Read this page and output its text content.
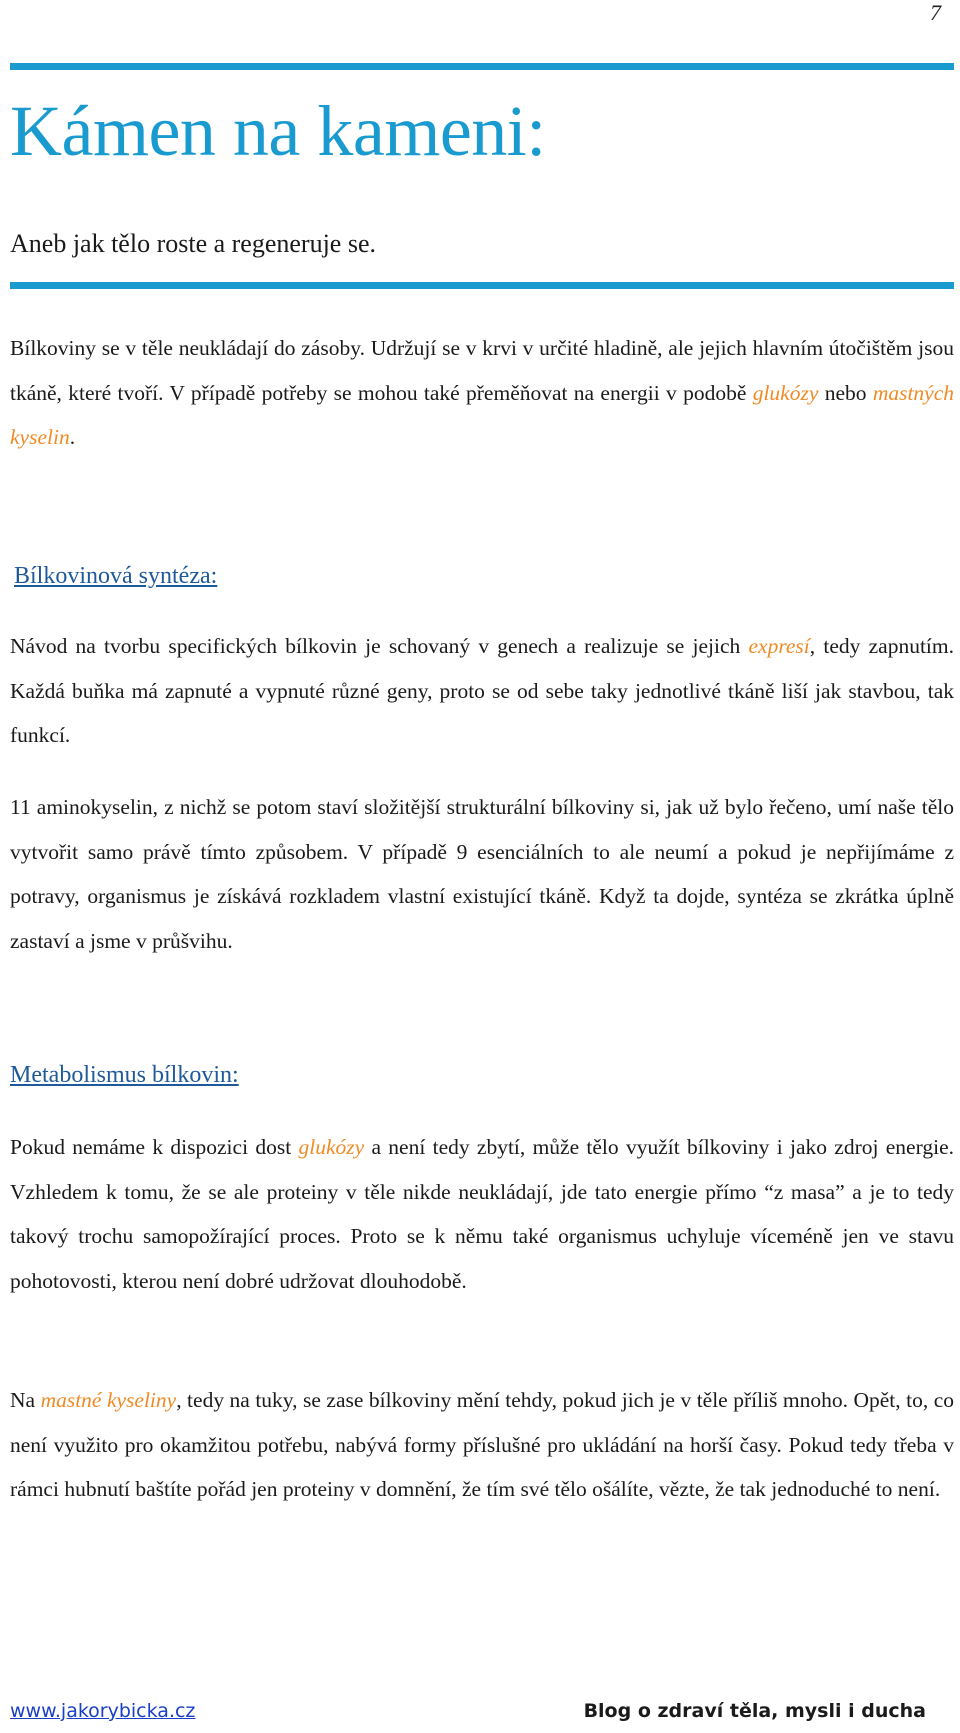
7
Kámen na kameni:

Aneb jak tělo roste a regeneruje se.

Bílkoviny se v těle neukládají do zásoby. Udržují se v krvi v určité hladině, ale jejich hlavním útočištěm jsou tkáně, které tvoří. V případě potřeby se mohou také přeměňovat na energii v podobě glukózy nebo mastných kyselin.

Bílkovinová syntéza:

Návod na tvorbu specifických bílkovin je schovaný v genech a realizuje se jejich expresí, tedy zapnutím. Každá buňka má zapnuté a vypnuté různé geny, proto se od sebe taky jednotlivé tkáně liší jak stavbou, tak funkcí.

11 aminokyselin, z nichž se potom staví složitější strukturální bílkoviny si, jak už bylo řečeno, umí naše tělo vytvořit samo právě tímto způsobem. V případě 9 esenciálních to ale neumí a pokud je nepřijímáme z potravy, organismus je získává rozkladem vlastní existující tkáně. Když ta dojde, syntéza se zkrátka úplně zastaví a jsme v průšvihu.

Metabolismus bílkovin:

Pokud nemáme k dispozici dost glukózy a není tedy zbytí, může tělo využít bílkoviny i jako zdroj energie. Vzhledem k tomu, že se ale proteiny v těle nikde neukládají, jde tato energie přímo “z masa” a je to tedy takový trochu samopožírající proces. Proto se k němu také organismus uchyluje víceméně jen ve stavu pohotovosti, kterou není dobré udržovat dlouhodobě.

Na mastné kyseliny, tedy na tuky, se zase bílkoviny mění tehdy, pokud jich je v těle příliš mnoho. Opět, to, co není využito pro okamžitou potřebu, nabývá formy příslušné pro ukládání na horší časy. Pokud tedy třeba v rámci hubnutí baštíte pořád jen proteiny v domnění, že tím své tělo ošálíte, vězte, že tak jednoduché to není.

www.jakorybicka.cz	Blog o zdraví těla, mysli i ducha
